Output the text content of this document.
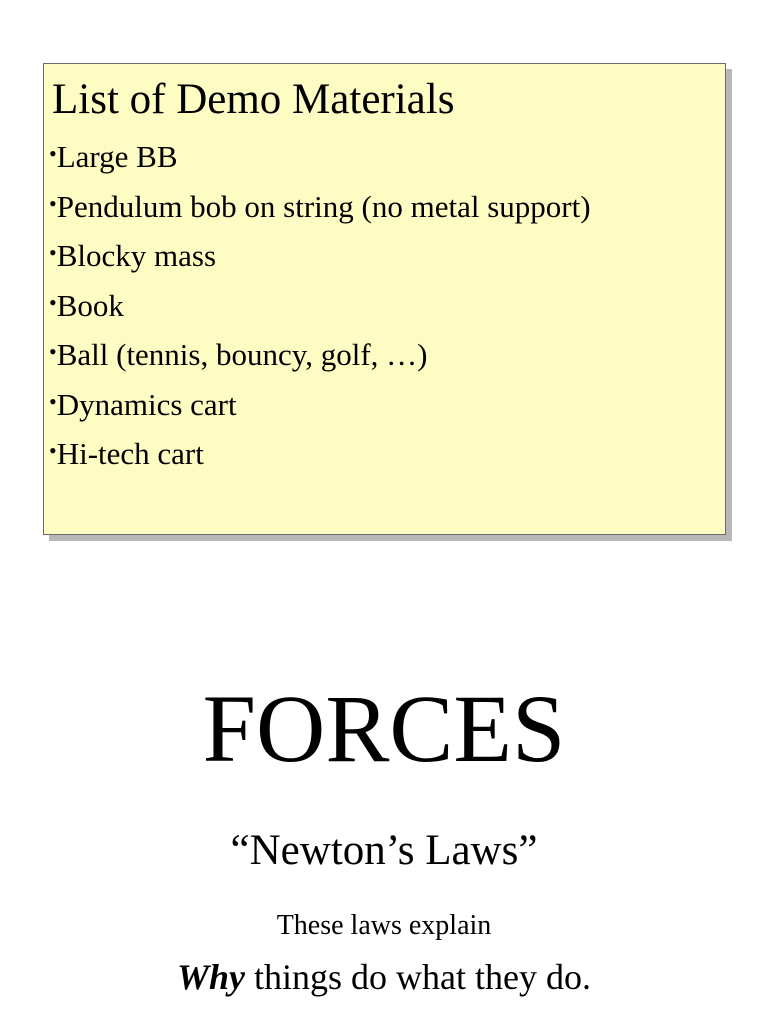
List of Demo Materials
•Large BB
•Pendulum bob on string (no metal support)
•Blocky mass
•Book
•Ball (tennis, bouncy, golf, …)
•Dynamics cart
•Hi-tech cart
FORCES
“Newton’s Laws”
These laws explain
Why things do what they do.
